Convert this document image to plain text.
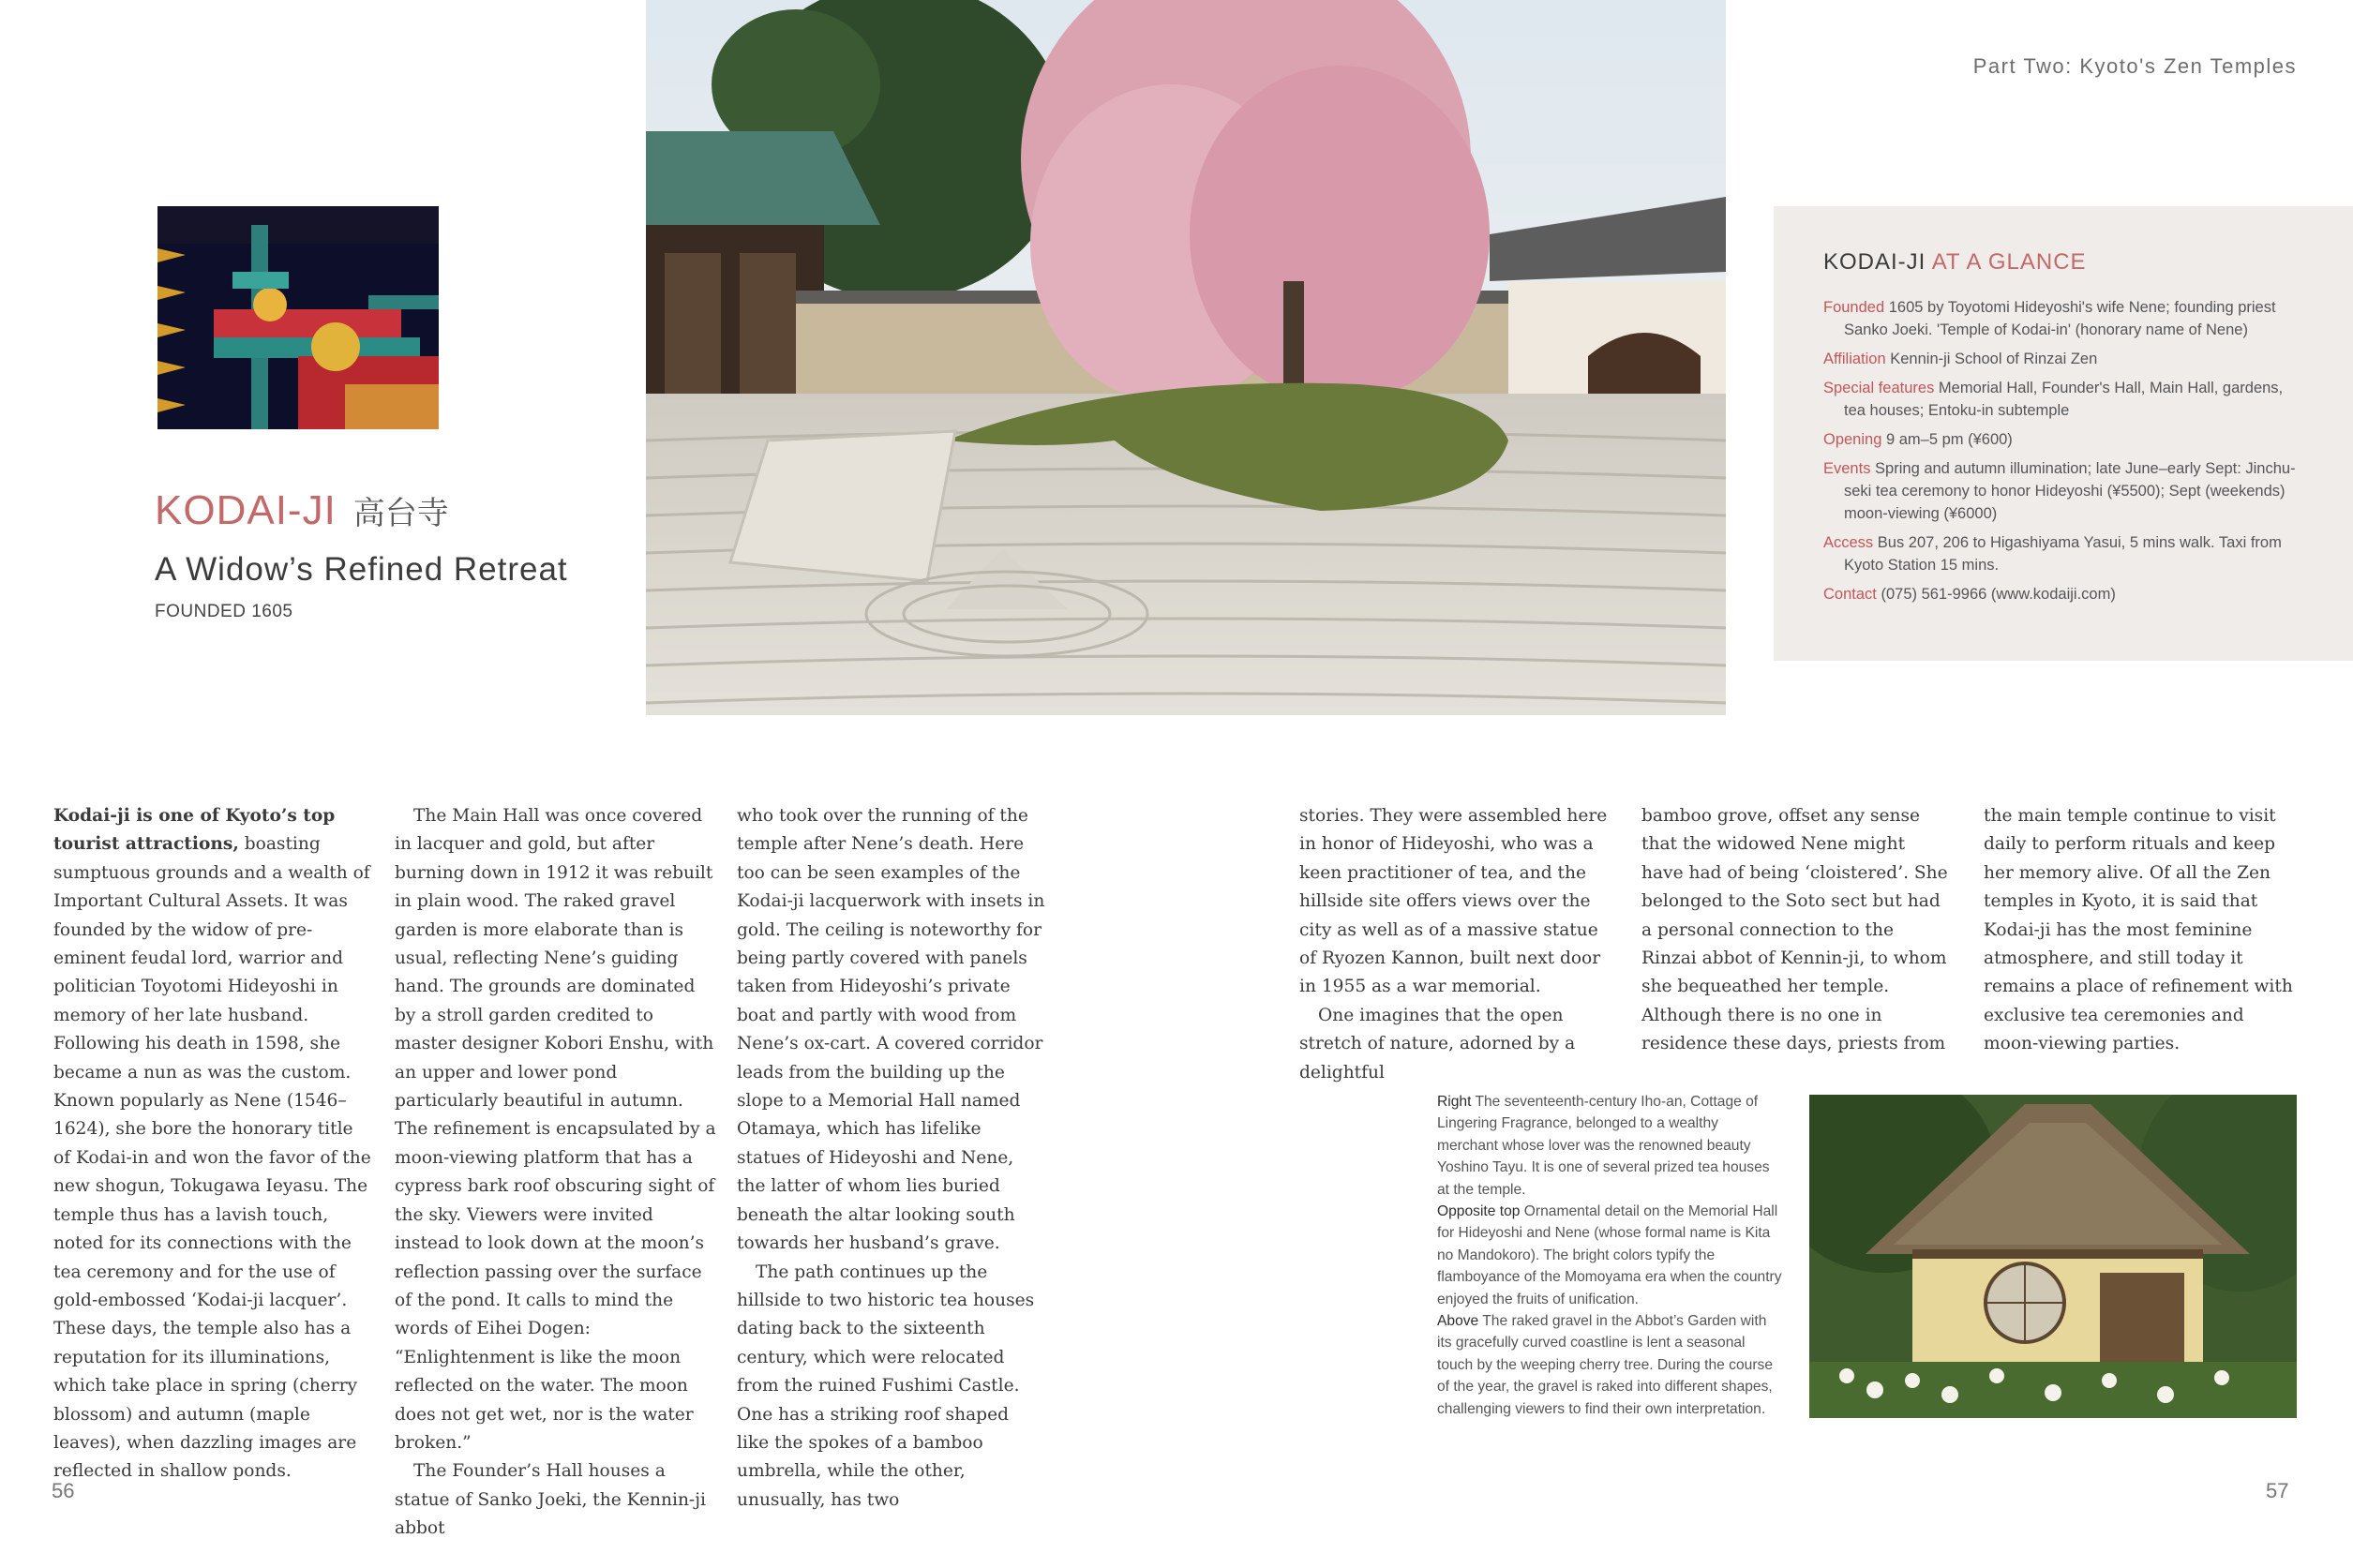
Part Two: Kyoto's Zen Temples
KODAI-JI 高台寺
A Widow’s Refined Retreat
FOUNDED 1605
KODAI-JI AT A GLANCE
Founded 1605 by Toyotomi Hideyoshi's wife Nene; founding priest Sanko Joeki. 'Temple of Kodai-in' (honorary name of Nene)
Affiliation Kennin-ji School of Rinzai Zen
Special features Memorial Hall, Founder's Hall, Main Hall, gardens, tea houses; Entoku-in subtemple
Opening 9 am–5 pm (¥600)
Events Spring and autumn illumination; late June–early Sept: Jinchu-seki tea ceremony to honor Hideyoshi (¥5500); Sept (weekends) moon-viewing (¥6000)
Access Bus 207, 206 to Higashiyama Yasui, 5 mins walk. Taxi from Kyoto Station 15 mins.
Contact (075) 561-9966 (www.kodaiji.com)

Kodai-ji is one of Kyoto’s top tourist attractions, boasting sumptuous grounds and a wealth of Important Cultural Assets. It was founded by the widow of pre-eminent feudal lord, warrior and politician Toyotomi Hideyoshi in memory of her late husband. Following his death in 1598, she became a nun as was the custom. Known popularly as Nene (1546–1624), she bore the honorary title of Kodai-in and won the favor of the new shogun, Tokugawa Ieyasu. The temple thus has a lavish touch, noted for its connections with the tea ceremony and for the use of gold-embossed ‘Kodai-ji lacquer’. These days, the temple also has a reputation for its illuminations, which take place in spring (cherry blossom) and autumn (maple leaves), when dazzling images are reflected in shallow ponds.

The Main Hall was once covered in lacquer and gold, but after burning down in 1912 it was rebuilt in plain wood. The raked gravel garden is more elaborate than is usual, reflecting Nene’s guiding hand. The grounds are dominated by a stroll garden credited to master designer Kobori Enshu, with an upper and lower pond particularly beautiful in autumn. The refinement is encapsulated by a moon-viewing platform that has a cypress bark roof obscuring sight of the sky. Viewers were invited instead to look down at the moon’s reflection passing over the surface of the pond. It calls to mind the words of Eihei Dogen: “Enlightenment is like the moon reflected on the water. The moon does not get wet, nor is the water broken.”

The Founder’s Hall houses a statue of Sanko Joeki, the Kennin-ji abbot

who took over the running of the temple after Nene’s death. Here too can be seen examples of the Kodai-ji lacquerwork with insets in gold. The ceiling is noteworthy for being partly covered with panels taken from Hideyoshi’s private boat and partly with wood from Nene’s ox-cart. A covered corridor leads from the building up the slope to a Memorial Hall named Otamaya, which has lifelike statues of Hideyoshi and Nene, the latter of whom lies buried beneath the altar looking south towards her husband’s grave.

The path continues up the hillside to two historic tea houses dating back to the sixteenth century, which were relocated from the ruined Fushimi Castle. One has a striking roof shaped like the spokes of a bamboo umbrella, while the other, unusually, has two

stories. They were assembled here in honor of Hideyoshi, who was a keen practitioner of tea, and the hillside site offers views over the city as well as of a massive statue of Ryozen Kannon, built next door in 1955 as a war memorial.

One imagines that the open stretch of nature, adorned by a delightful

bamboo grove, offset any sense that the widowed Nene might have had of being ‘cloistered’. She belonged to the Soto sect but had a personal connection to the Rinzai abbot of Kennin-ji, to whom she bequeathed her temple. Although there is no one in residence these days, priests from

the main temple continue to visit daily to perform rituals and keep her memory alive. Of all the Zen temples in Kyoto, it is said that Kodai-ji has the most feminine atmosphere, and still today it remains a place of refinement with exclusive tea ceremonies and moon-viewing parties.

Right The seventeenth-century Iho-an, Cottage of Lingering Fragrance, belonged to a wealthy merchant whose lover was the renowned beauty Yoshino Tayu. It is one of several prized tea houses at the temple.

Opposite top Ornamental detail on the Memorial Hall for Hideyoshi and Nene (whose formal name is Kita no Mandokoro). The bright colors typify the flamboyance of the Momoyama era when the country enjoyed the fruits of unification.

Above The raked gravel in the Abbot’s Garden with its gracefully curved coastline is lent a seasonal touch by the weeping cherry tree. During the course of the year, the gravel is raked into different shapes, challenging viewers to find their own interpretation.

56	57
